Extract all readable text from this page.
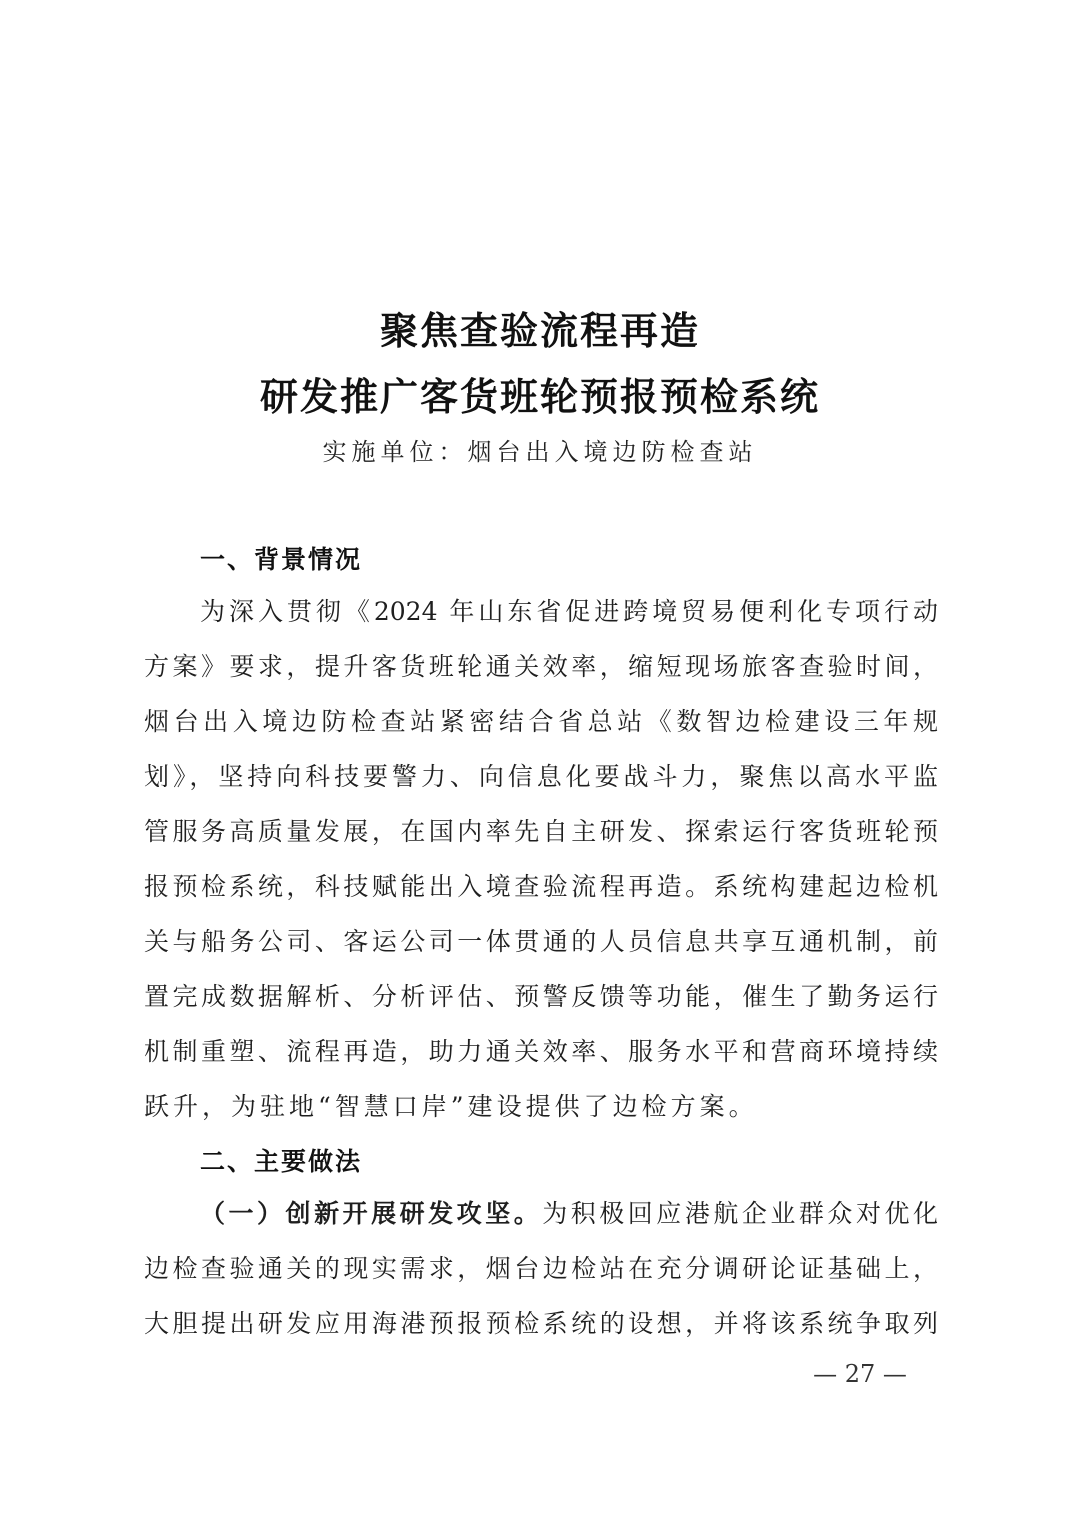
聚焦查验流程再造
研发推广客货班轮预报预检系统
实施单位：烟台出入境边防检查站
一、背景情况
为深入贯彻《2024 年山东省促进跨境贸易便利化专项行动
方案》要求，提升客货班轮通关效率，缩短现场旅客查验时间，
烟台出入境边防检查站紧密结合省总站《数智边检建设三年规
划》，坚持向科技要警力、向信息化要战斗力，聚焦以高水平监
管服务高质量发展，在国内率先自主研发、探索运行客货班轮预
报预检系统，科技赋能出入境查验流程再造。系统构建起边检机
关与船务公司、客运公司一体贯通的人员信息共享互通机制，前
置完成数据解析、分析评估、预警反馈等功能，催生了勤务运行
机制重塑、流程再造，助力通关效率、服务水平和营商环境持续
跃升，为驻地“智慧口岸”建设提供了边检方案。
二、主要做法
（一）创新开展研发攻坚。为积极回应港航企业群众对优化
边检查验通关的现实需求，烟台边检站在充分调研论证基础上，
大胆提出研发应用海港预报预检系统的设想，并将该系统争取列
— 27 —
